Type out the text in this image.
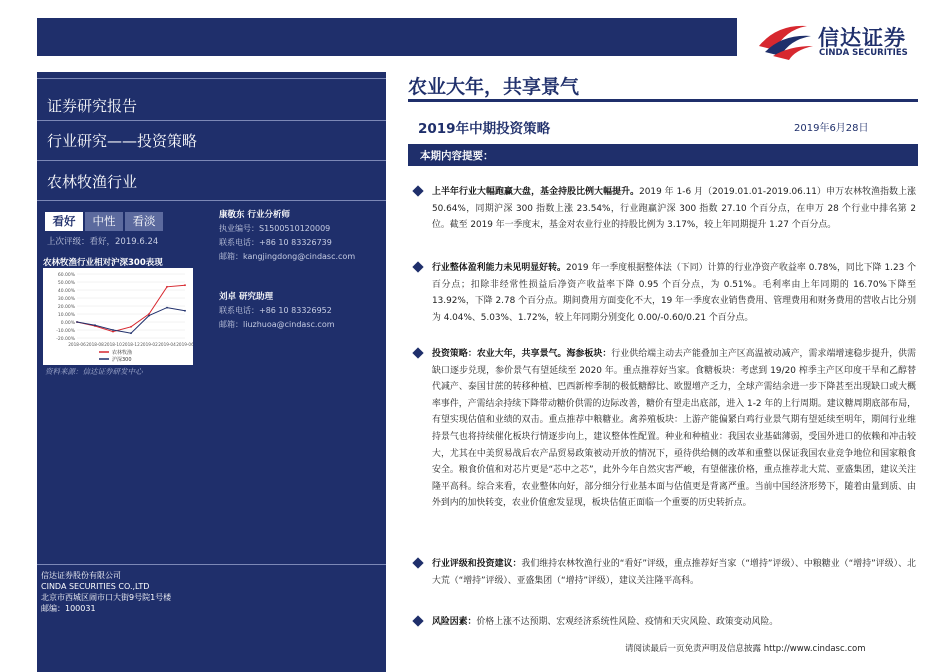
信达证券
CINDA SECURITIES
证券研究报告
行业研究——投资策略
农林牧渔行业
看好	中性	看淡
上次评级：看好，2019.6.24
农林牧渔行业相对沪深300表现
60.00%
50.00%
40.00%
30.00%
20.00%
10.00%
0.00%
-10.00%
-20.00%
2018-06 2018-08 2018-10 2018-12 2019-02 2019-04 2019-06
农林牧渔
沪深300
资料来源：信达证券研发中心
康敬东 行业分析师
执业编号：S1500510120009
联系电话：+86 10 83326739
邮箱：kangjingdong@cindasc.com
刘卓 研究助理
联系电话：+86 10 83326952
邮箱：liuzhuoa@cindasc.com
信达证券股份有限公司
CINDA SECURITIES CO.,LTD
北京市西城区闹市口大街9号院1号楼
邮编：100031
农业大年，共享景气
2019年中期投资策略	2019年6月28日
本期内容提要：

上半年行业大幅跑赢大盘，基金持股比例大幅提升。2019 年 1-6 月（2019.01.01-2019.06.11）申万农林牧渔指数上涨 50.64%，同期沪深 300 指数上涨 23.54%，行业跑赢沪深 300 指数 27.10 个百分点，在申万 28 个行业中排名第 2 位。截至 2019 年一季度末，基金对农业行业的持股比例为 3.17%，较上年同期提升 1.27 个百分点。

行业整体盈利能力未见明显好转。2019 年一季度根据整体法（下同）计算的行业净资产收益率 0.78%，同比下降 1.23 个百分点；扣除非经常性损益后净资产收益率下降 0.95 个百分点，为 0.51%。毛利率由上年同期的 16.70%下降至 13.92%，下降 2.78 个百分点。期间费用方面变化不大，19 年一季度农业销售费用、管理费用和财务费用的营收占比分别为 4.04%、5.03%、1.72%，较上年同期分别变化 0.00/-0.60/0.21 个百分点。

投资策略：农业大年，共享景气。海参板块：行业供给端主动去产能叠加主产区高温被动减产，需求端增速稳步提升，供需缺口逐步兑现，参价景气有望延续至 2020 年。重点推荐好当家。食糖板块：考虑到 19/20 榨季主产区印度干旱和乙醇替代减产、泰国甘蔗的转移种植、巴西新榨季制的极低糖醇比、欧盟增产乏力，全球产需结余进一步下降甚至出现缺口或大概率事件，产需结余持续下降带动糖价供需的边际改善，糖价有望走出底部，进入 1-2 年的上行周期。建议糖周期底部布局，有望实现估值和业绩的双击。重点推荐中粮糖业。禽养殖板块：上游产能偏紧白鸡行业景气期有望延续至明年，期间行业维持景气也将持续催化板块行情逐步向上，建议整体性配置。种业和种植业：我国农业基础薄弱，受国外进口的依赖和冲击较大，尤其在中美贸易战后农产品贸易政策被动开放的情况下，亟待供给侧的改革和重整以保证我国农业竞争地位和国家粮食安全。粮食价值和对芯片更是“芯中之芯”，此外今年自然灾害严峻，有望催涨价格，重点推荐北大荒、亚盛集团，建议关注隆平高科。综合来看，农业整体向好，部分细分行业基本面与估值更是背离严重。当前中国经济形势下，随着由量到质、由外到内的加快转变，农业价值愈发显现，板块估值正面临一个重要的历史转折点。

行业评级和投资建议：我们维持农林牧渔行业的“看好”评级，重点推荐好当家（“增持”评级）、中粮糖业（“增持”评级）、北大荒（“增持”评级）、亚盛集团（“增持”评级），建议关注隆平高科。

风险因素：价格上涨不达预期、宏观经济系统性风险、疫情和天灾风险、政策变动风险。

请阅读最后一页免责声明及信息披露 http://www.cindasc.com
